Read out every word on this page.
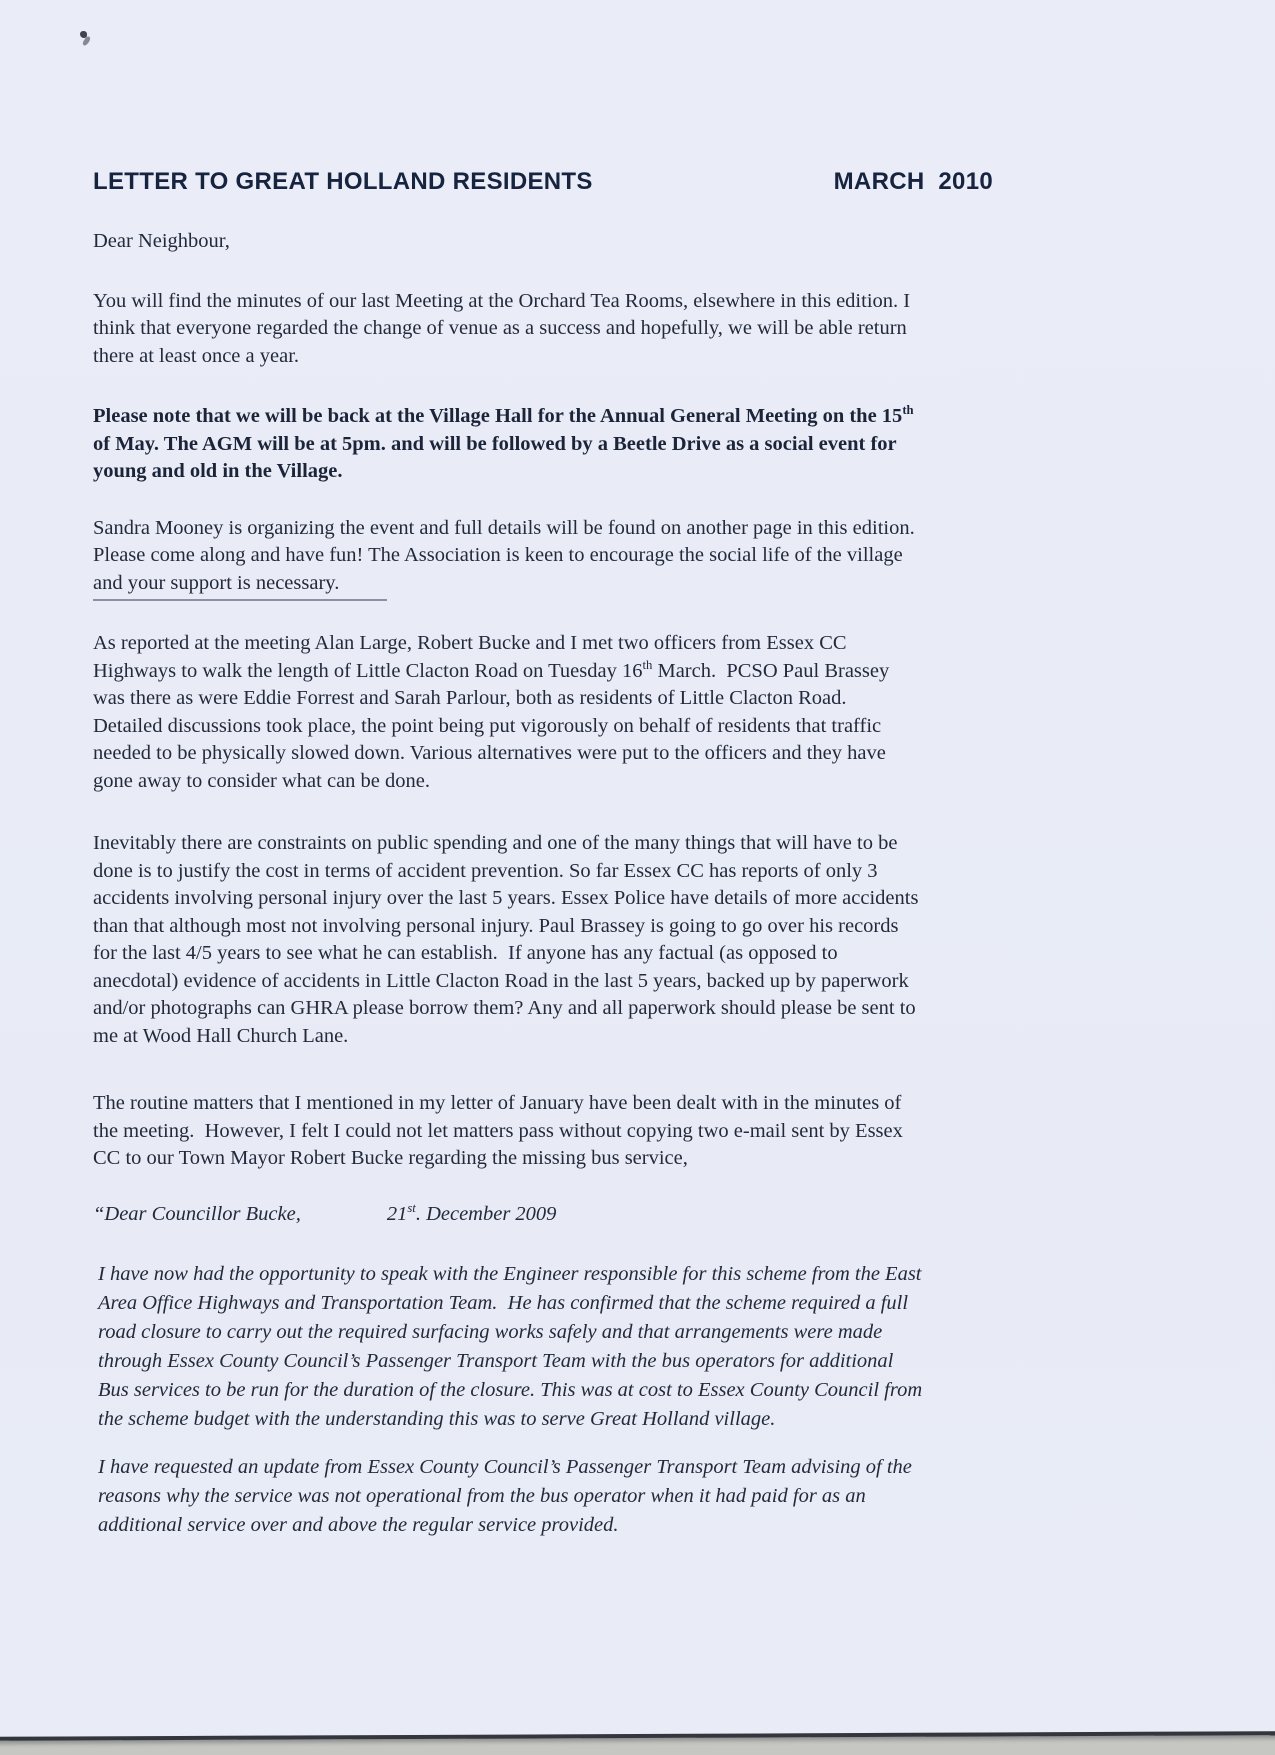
LETTER TO GREAT HOLLAND RESIDENTS	MARCH  2010
Dear Neighbour,
You will find the minutes of our last Meeting at the Orchard Tea Rooms, elsewhere in this edition. I
think that everyone regarded the change of venue as a success and hopefully, we will be able return
there at least once a year.
Please note that we will be back at the Village Hall for the Annual General Meeting on the 15th
of May. The AGM will be at 5pm. and will be followed by a Beetle Drive as a social event for
young and old in the Village.
Sandra Mooney is organizing the event and full details will be found on another page in this edition.
Please come along and have fun! The Association is keen to encourage the social life of the village
and your support is necessary.
As reported at the meeting Alan Large, Robert Bucke and I met two officers from Essex CC
Highways to walk the length of Little Clacton Road on Tuesday 16th March.  PCSO Paul Brassey
was there as were Eddie Forrest and Sarah Parlour, both as residents of Little Clacton Road.
Detailed discussions took place, the point being put vigorously on behalf of residents that traffic
needed to be physically slowed down. Various alternatives were put to the officers and they have
gone away to consider what can be done.
Inevitably there are constraints on public spending and one of the many things that will have to be
done is to justify the cost in terms of accident prevention. So far Essex CC has reports of only 3
accidents involving personal injury over the last 5 years. Essex Police have details of more accidents
than that although most not involving personal injury. Paul Brassey is going to go over his records
for the last 4/5 years to see what he can establish.  If anyone has any factual (as opposed to
anecdotal) evidence of accidents in Little Clacton Road in the last 5 years, backed up by paperwork
and/or photographs can GHRA please borrow them? Any and all paperwork should please be sent to
me at Wood Hall Church Lane.
The routine matters that I mentioned in my letter of January have been dealt with in the minutes of
the meeting.  However, I felt I could not let matters pass without copying two e-mail sent by Essex
CC to our Town Mayor Robert Bucke regarding the missing bus service,
“Dear Councillor Bucke,	21st. December 2009
I have now had the opportunity to speak with the Engineer responsible for this scheme from the East
Area Office Highways and Transportation Team.  He has confirmed that the scheme required a full
road closure to carry out the required surfacing works safely and that arrangements were made
through Essex County Council’s Passenger Transport Team with the bus operators for additional
Bus services to be run for the duration of the closure. This was at cost to Essex County Council from
the scheme budget with the understanding this was to serve Great Holland village.
I have requested an update from Essex County Council’s Passenger Transport Team advising of the
reasons why the service was not operational from the bus operator when it had paid for as an
additional service over and above the regular service provided.
